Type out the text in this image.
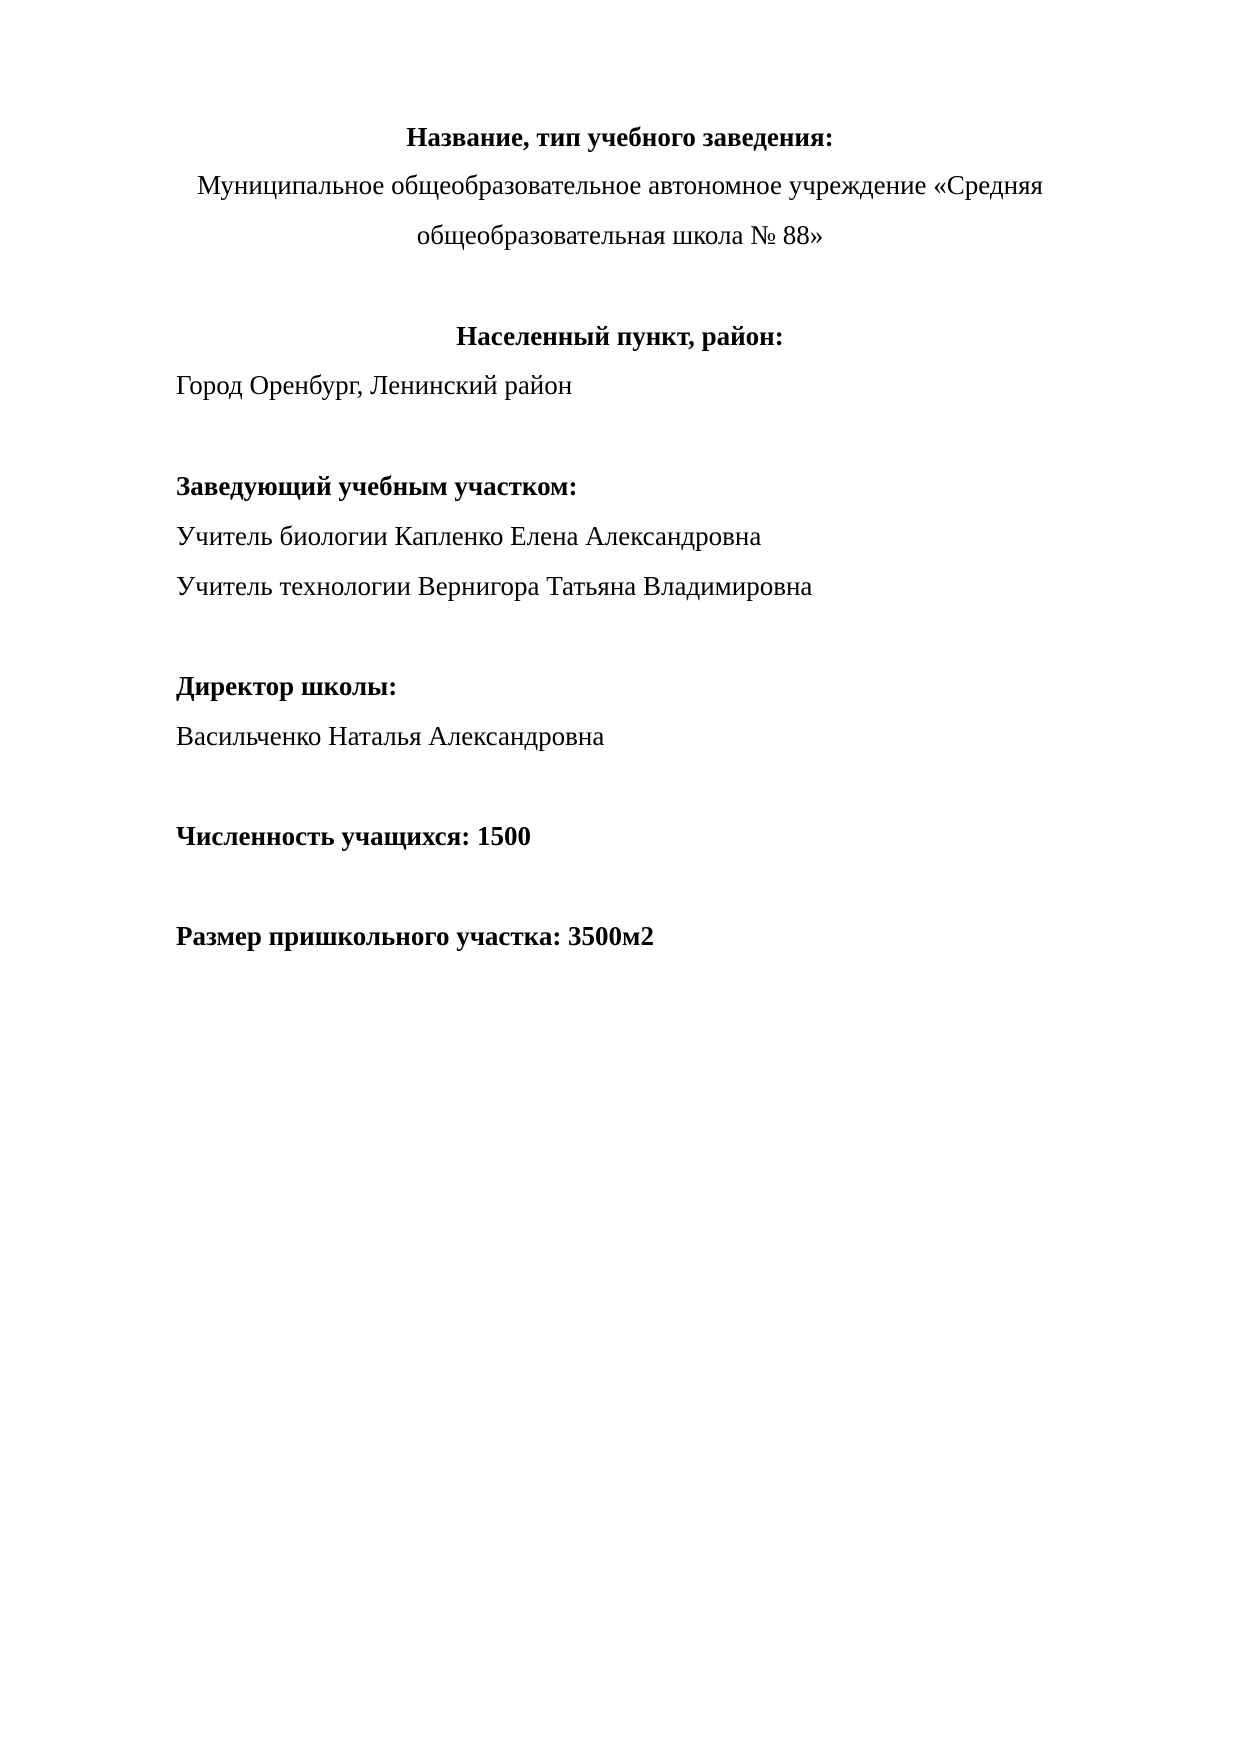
Название, тип учебного заведения:
Муниципальное общеобразовательное автономное учреждение «Средняя
общеобразовательная школа № 88»
Населенный пункт, район:
Город Оренбург, Ленинский район
Заведующий учебным участком:
Учитель биологии Капленко Елена Александровна
Учитель технологии Вернигора Татьяна Владимировна
Директор школы:
Васильченко Наталья Александровна
Численность учащихся: 1500
Размер пришкольного участка: 3500м2
